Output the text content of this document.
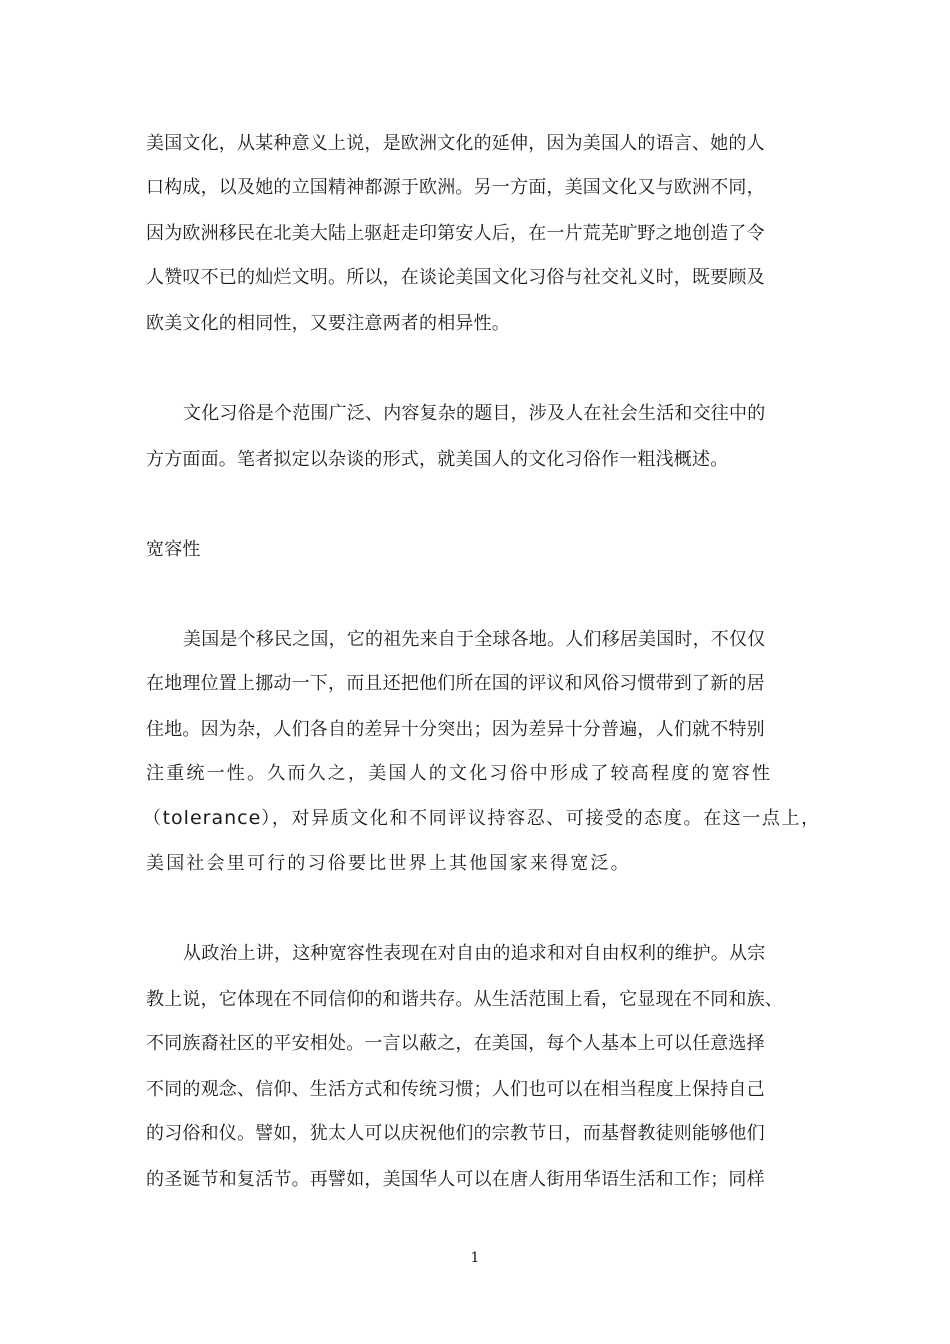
美国文化，从某种意义上说，是欧洲文化的延伸，因为美国人的语言、她的人
口构成，以及她的立国精神都源于欧洲。另一方面，美国文化又与欧洲不同，
因为欧洲移民在北美大陆上驱赶走印第安人后，在一片荒芜旷野之地创造了令
人赞叹不已的灿烂文明。所以，在谈论美国文化习俗与社交礼义时，既要顾及
欧美文化的相同性，又要注意两者的相异性。
文化习俗是个范围广泛、内容复杂的题目，涉及人在社会生活和交往中的
方方面面。笔者拟定以杂谈的形式，就美国人的文化习俗作一粗浅概述。
宽容性
美国是个移民之国，它的祖先来自于全球各地。人们移居美国时，不仅仅
在地理位置上挪动一下，而且还把他们所在国的评议和风俗习惯带到了新的居
住地。因为杂，人们各自的差异十分突出；因为差异十分普遍，人们就不特别
注重统一性。久而久之，美国人的文化习俗中形成了较高程度的宽容性
（tolerance），对异质文化和不同评议持容忍、可接受的态度。在这一点上，
美国社会里可行的习俗要比世界上其他国家来得宽泛。
从政治上讲，这种宽容性表现在对自由的追求和对自由权利的维护。从宗
教上说，它体现在不同信仰的和谐共存。从生活范围上看，它显现在不同和族、
不同族裔社区的平安相处。一言以蔽之，在美国，每个人基本上可以任意选择
不同的观念、信仰、生活方式和传统习惯；人们也可以在相当程度上保持自己
的习俗和仪。譬如，犹太人可以庆祝他们的宗教节日，而基督教徒则能够他们
的圣诞节和复活节。再譬如，美国华人可以在唐人街用华语生活和工作；同样
1
